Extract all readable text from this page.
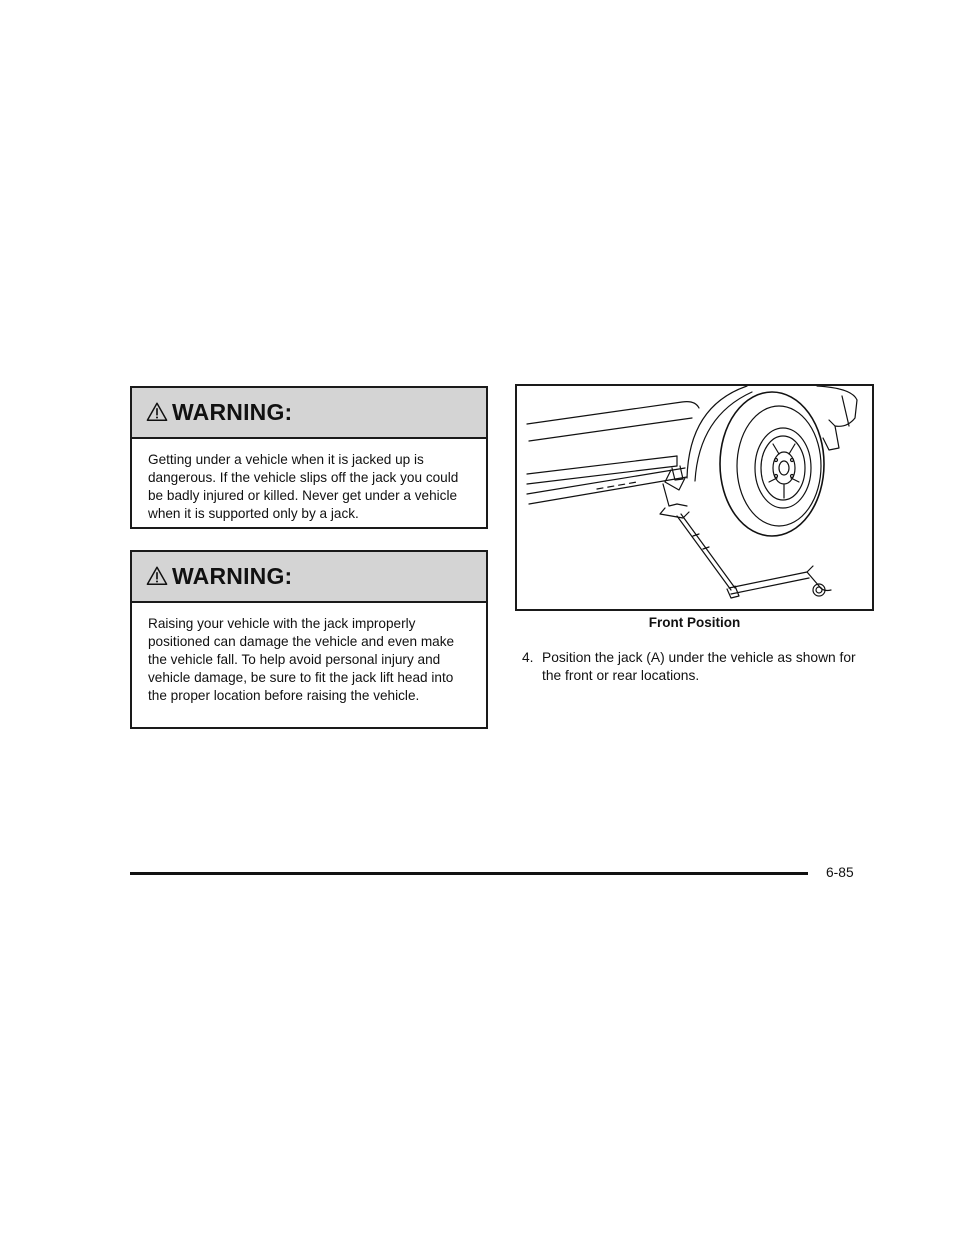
WARNING:
Getting under a vehicle when it is jacked up is dangerous. If the vehicle slips off the jack you could be badly injured or killed. Never get under a vehicle when it is supported only by a jack.
WARNING:
Raising your vehicle with the jack improperly positioned can damage the vehicle and even make the vehicle fall. To help avoid personal injury and vehicle damage, be sure to fit the jack lift head into the proper location before raising the vehicle.
Front Position
4. Position the jack (A) under the vehicle as shown for the front or rear locations.
6-85
